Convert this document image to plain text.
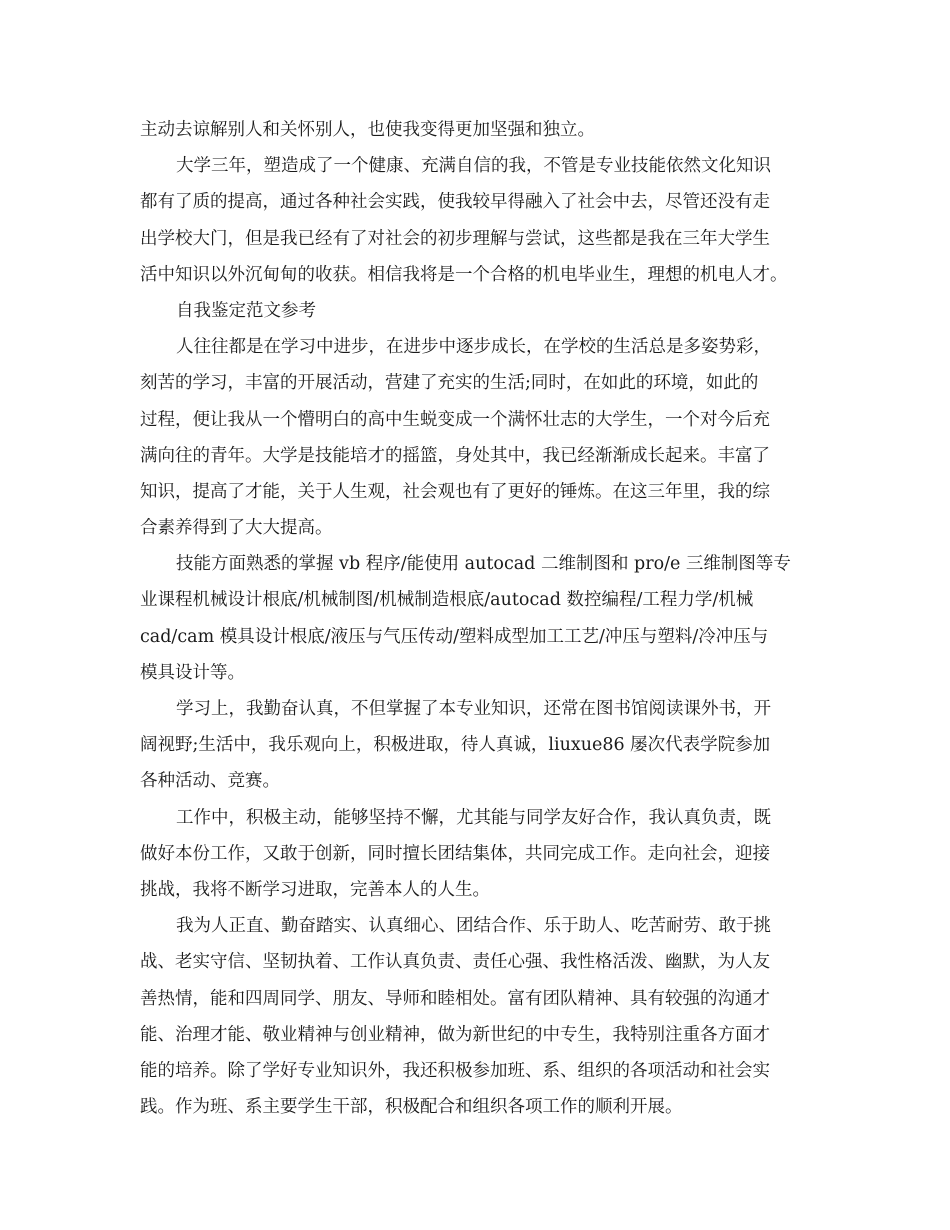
主动去谅解别人和关怀别人，也使我变得更加坚强和独立。
大学三年，塑造成了一个健康、充满自信的我，不管是专业技能依然文化知识
都有了质的提高，通过各种社会实践，使我较早得融入了社会中去，尽管还没有走
出学校大门，但是我已经有了对社会的初步理解与尝试，这些都是我在三年大学生
活中知识以外沉甸甸的收获。相信我将是一个合格的机电毕业生，理想的机电人才。
自我鉴定范文参考
人往往都是在学习中进步，在进步中逐步成长，在学校的生活总是多姿势彩，
刻苦的学习，丰富的开展活动，营建了充实的生活;同时，在如此的环境，如此的
过程，便让我从一个懵明白的高中生蜕变成一个满怀壮志的大学生，一个对今后充
满向往的青年。大学是技能培才的摇篮，身处其中，我已经渐渐成长起来。丰富了
知识，提高了才能，关于人生观，社会观也有了更好的锤炼。在这三年里，我的综
合素养得到了大大提高。
技能方面熟悉的掌握 vb 程序/能使用 autocad 二维制图和 pro/e 三维制图等专
业课程机械设计根底/机械制图/机械制造根底/autocad 数控编程/工程力学/机械
cad/cam 模具设计根底/液压与气压传动/塑料成型加工工艺/冲压与塑料/冷冲压与
模具设计等。
学习上，我勤奋认真，不但掌握了本专业知识，还常在图书馆阅读课外书，开
阔视野;生活中，我乐观向上，积极进取，待人真诚，liuxue86 屡次代表学院参加
各种活动、竞赛。
工作中，积极主动，能够坚持不懈，尤其能与同学友好合作，我认真负责，既
做好本份工作，又敢于创新，同时擅长团结集体，共同完成工作。走向社会，迎接
挑战，我将不断学习进取，完善本人的人生。
我为人正直、勤奋踏实、认真细心、团结合作、乐于助人、吃苦耐劳、敢于挑
战、老实守信、坚韧执着、工作认真负责、责任心强、我性格活泼、幽默，为人友
善热情，能和四周同学、朋友、导师和睦相处。富有团队精神、具有较强的沟通才
能、治理才能、敬业精神与创业精神，做为新世纪的中专生，我特别注重各方面才
能的培养。除了学好专业知识外，我还积极参加班、系、组织的各项活动和社会实
践。作为班、系主要学生干部，积极配合和组织各项工作的顺利开展。
